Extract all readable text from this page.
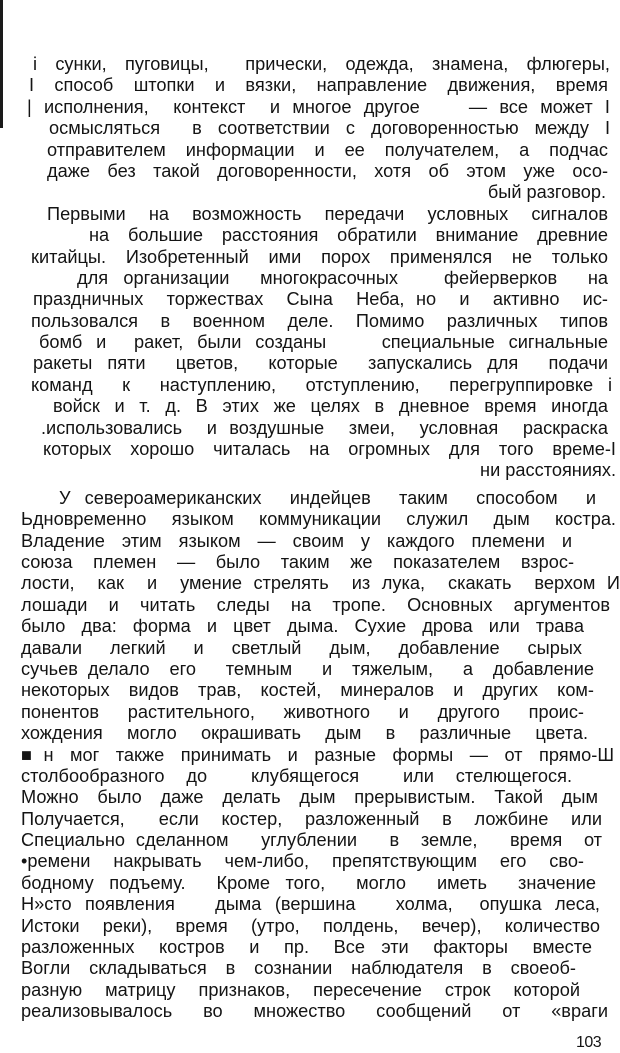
і сунки, пуговицы,  прически, одежда, знамена, флюгеры,
І способ штопки и вязки, направление движения, время
| исполнения,  контекст  и многое другое    — все может І
осмысляться  в соответствии с договоренностью между І
отправителем информации и ее получателем, а подчас
даже без такой договоренности, хотя об этом уже осо-
бый разговор.
Первыми на возможность передачи условных сигналов
на большие расстояния обратили внимание древние
китайцы. Изобретенный ими порох применялся не только
для организации  многокрасочных   фейерверков  на
праздничных  торжествах  Сына  Неба, но  и  активно  ис-
пользовался в военном деле. Помимо различных типов
бомб и  ракет, были созданы    специальные сигнальные
ракеты пяти  цветов,  которые  запускались для  подачи
команд  к  наступлению,  отступлению,  перегруппировке і
войск и т. д. В этих же целях в дневное время иногда
.использовались  и воздушные  змеи,  условная  раскраска
которых хорошо читалась на огромных для того време-І
ни расстояниях.
У североамериканских  индейцев  таким  способом  и
Ьдновременно языком коммуникации служил дым костра.
Владение этим языком — своим у каждого племени и
союза племен — было таким же показателем взрос-
лости,  как  и  умение стрелять  из лука,  скакать  верхом И
лошади и читать следы на тропе. Основных аргументов
было два: форма и цвет дыма. Сухие дрова или трава
давали  легкий  и  светлый  дым,  добавление  сырых
сучьев делало  его   темным   и  тяжелым,   а  добавление
некоторых видов трав, костей, минералов и других ком-
понентов  растительного,  животного  и  другого  проис-
хождения  могло  окрашивать  дым  в  различные  цвета.
■н мог также принимать и разные формы — от прямо-Ш
столбообразного до  клубящегося  или стелющегося.
Можно было даже делать дым прерывистым. Такой дым
Получается,   если  костер,  разложенный  в  ложбине  или
Специально сделанном   углублении   в  земле,   время  от
•ремени накрывать чем-либо, препятствующим его сво-
бодному подъему.  Кроме того,  могло  иметь  значение
Н»сто появления   дыма (вершина   холма,  опушка леса,
Истоки реки), время (утро, полдень, вечер), количество
разложенных   костров   и   пр.   Все  эти   факторы   вместе
Вогли складываться в сознании наблюдателя в своеоб-
разную матрицу признаков, пересечение строк которой
реализовывалось   во   множество   сообщений   от   «враги
103
